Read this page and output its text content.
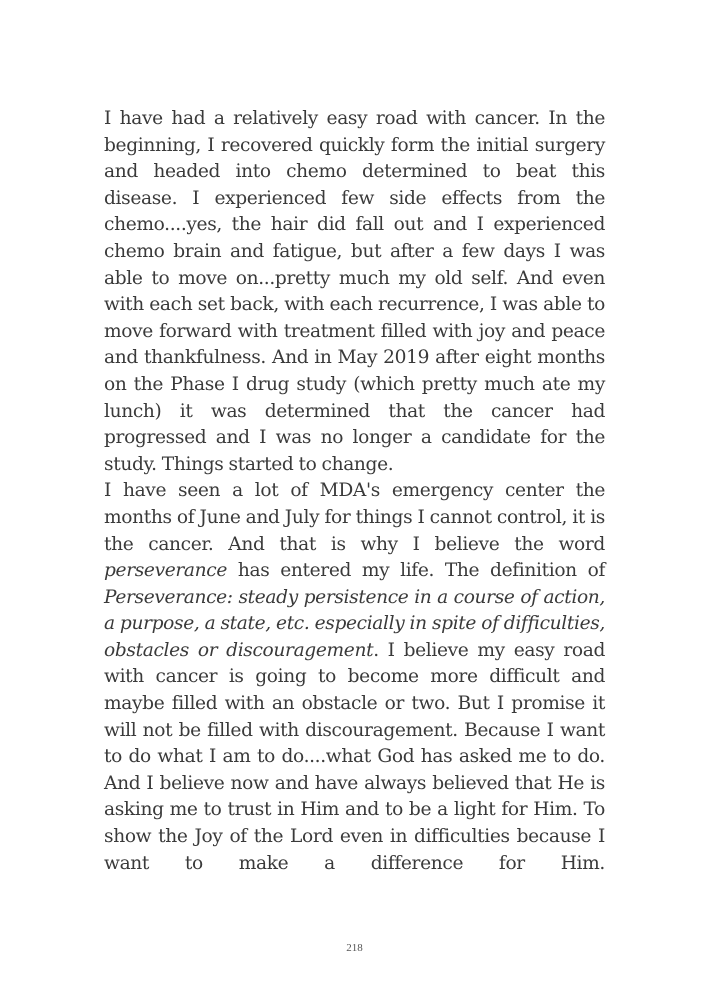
I have had a relatively easy road with cancer. In the beginning, I recovered quickly form the initial surgery and headed into chemo determined to beat this disease. I experienced few side effects from the chemo....yes, the hair did fall out and I experienced chemo brain and fatigue, but after a few days I was able to move on...pretty much my old self. And even with each set back, with each recurrence, I was able to move forward with treatment filled with joy and peace and thankfulness. And in May 2019 after eight months on the Phase I drug study (which pretty much ate my lunch) it was determined that the cancer had progressed and I was no longer a candidate for the study. Things started to change.

I have seen a lot of MDA's emergency center the months of June and July for things I cannot control, it is the cancer. And that is why I believe the word perseverance has entered my life. The definition of Perseverance: steady persistence in a course of action, a purpose, a state, etc. especially in spite of difficulties, obstacles or discouragement. I believe my easy road with cancer is going to become more difficult and maybe filled with an obstacle or two. But I promise it will not be filled with discouragement. Because I want to do what I am to do....what God has asked me to do. And I believe now and have always believed that He is asking me to trust in Him and to be a light for Him. To show the Joy of the Lord even in difficulties because I want to make a difference for Him.

218
